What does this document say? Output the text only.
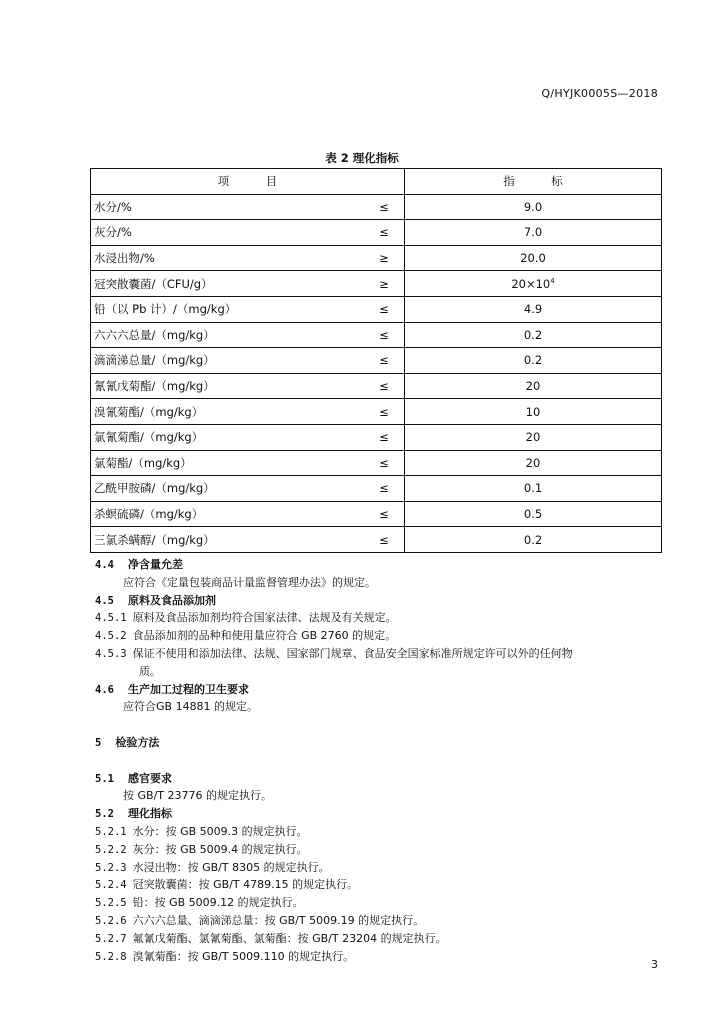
Q/HYJK0005S—2018
表 2 理化指标
项          目		指          标
水分/%	≤	9.0
灰分/%	≤	7.0
水浸出物/%	≥	20.0
冠突散囊菌/（CFU/g）	≥	$20\times 10^4$
铅（以 Pb 计）/（mg/kg）	≤	4.9
六六六总量/（mg/kg）	≤	0.2
滴滴涕总量/（mg/kg）	≤	0.2
氰氰戊菊酯/（mg/kg）	≤	20
溴氰菊酯/（mg/kg）	≤	10
氯氰菊酯/（mg/kg）	≤	20
氯菊酯/（mg/kg）	≤	20
乙酰甲胺磷/（mg/kg）	≤	0.1
杀螟硫磷/（mg/kg）	≤	0.5
三氯杀螨醇/（mg/kg）	≤	0.2
4.4 净含量允差
应符合《定量包装商品计量监督管理办法》的规定。
4.5 原料及食品添加剂
4.5.1 原料及食品添加剂均符合国家法律、法规及有关规定。
4.5.2 食品添加剂的品种和使用量应符合 GB 2760 的规定。
4.5.3 保证不使用和添加法律、法规、国家部门规章、食品安全国家标准所规定许可以外的任何物
质。
4.6 生产加工过程的卫生要求
应符合GB 14881 的规定。
5 检验方法
5.1 感官要求
按 GB/T 23776 的规定执行。
5.2 理化指标
5.2.1 水分：按 GB 5009.3 的规定执行。
5.2.2 灰分：按 GB 5009.4 的规定执行。
5.2.3 水浸出物：按 GB/T 8305 的规定执行。
5.2.4 冠突散囊菌：按 GB/T 4789.15 的规定执行。
5.2.5 铅：按 GB 5009.12 的规定执行。
5.2.6 六六六总量、滴滴涕总量：按 GB/T 5009.19 的规定执行。
5.2.7 氟氰戊菊酯、氯氰菊酯、氯菊酯：按 GB/T 23204 的规定执行。
5.2.8 溴氰菊酯：按 GB/T 5009.110 的规定执行。
3
